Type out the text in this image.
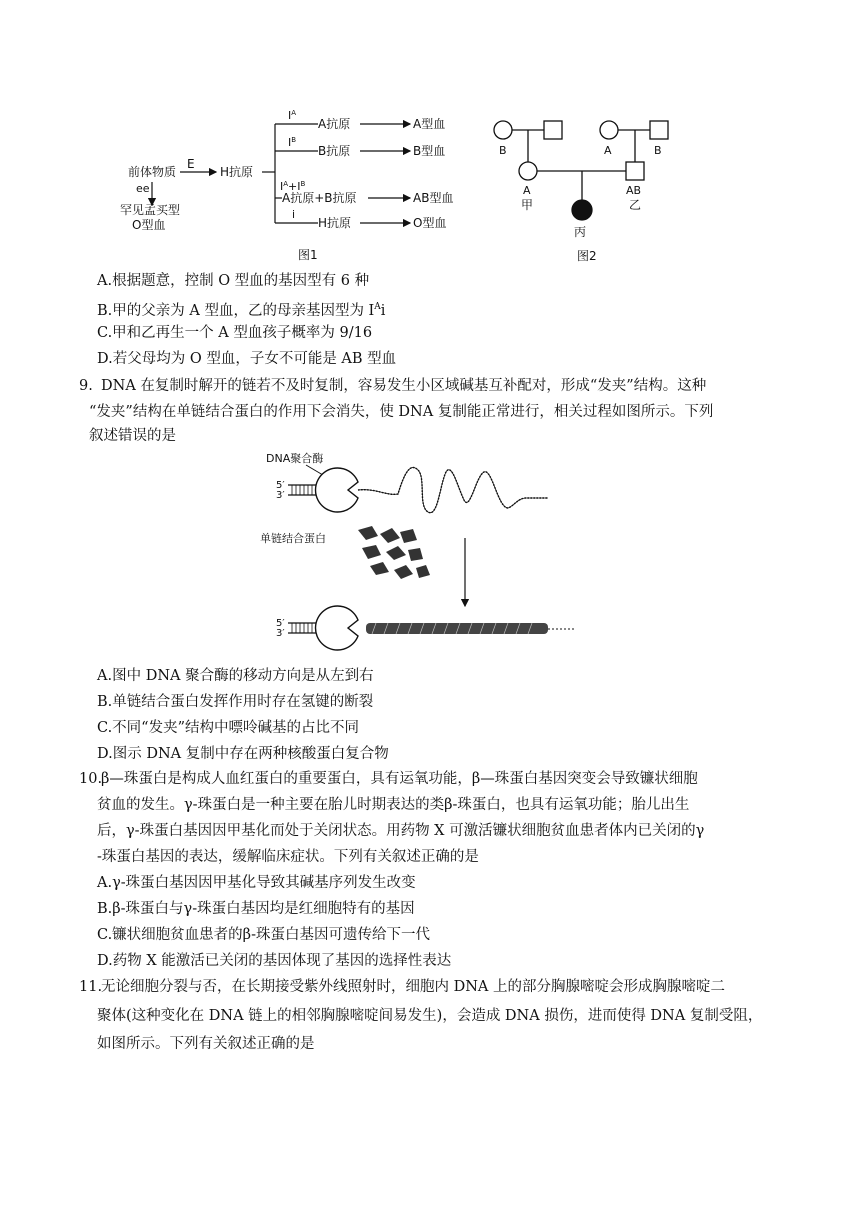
前体物质
E
H抗原
ee
罕见孟买型
O型血
$I^A$
A抗原	A型血
$I^B$
B抗原	B型血
$I^A+I^B$
A抗原+B抗原	AB型血
i
H抗原	O型血
图1
B	A	B
A
甲
AB
乙
丙
图2
A.根据题意，控制 O 型血的基因型有 6 种
B.甲的父亲为 A 型血，乙的母亲基因型为 $I^Ai$
C.甲和乙再生一个 A 型血孩子概率为 9/16
D.若父母均为 O 型血，子女不可能是 AB 型血
9. DNA 在复制时解开的链若不及时复制，容易发生小区域碱基互补配对，形成“发夹”结构。这种
“发夹”结构在单链结合蛋白的作用下会消失，使 DNA 复制能正常进行，相关过程如图所示。下列
叙述错误的是
DNA聚合酶
5′
3′
单链结合蛋白
5′
3′
A.图中 DNA 聚合酶的移动方向是从左到右
B.单链结合蛋白发挥作用时存在氢键的断裂
C.不同“发夹”结构中嘌呤碱基的占比不同
D.图示 DNA 复制中存在两种核酸蛋白复合物
10.
β—珠蛋白是构成人血红蛋白的重要蛋白，具有运氧功能，β—珠蛋白基因突变会导致镰状细胞
贫血的发生。γ-珠蛋白是一种主要在胎儿时期表达的类β-珠蛋白，也具有运氧功能；胎儿出生
后，γ-珠蛋白基因因甲基化而处于关闭状态。用药物 X 可激活镰状细胞贫血患者体内已关闭的γ
-珠蛋白基因的表达，缓解临床症状。下列有关叙述正确的是
A.γ-珠蛋白基因因甲基化导致其碱基序列发生改变
B.β-珠蛋白与γ-珠蛋白基因均是红细胞特有的基因
C.镰状细胞贫血患者的β-珠蛋白基因可遗传给下一代
D.药物 X 能激活已关闭的基因体现了基因的选择性表达
11.
无论细胞分裂与否，在长期接受紫外线照射时，细胞内 DNA 上的部分胸腺嘧啶会形成胸腺嘧啶二
聚体(这种变化在 DNA 链上的相邻胸腺嘧啶间易发生)，会造成 DNA 损伤，进而使得 DNA 复制受阻，
如图所示。下列有关叙述正确的是
